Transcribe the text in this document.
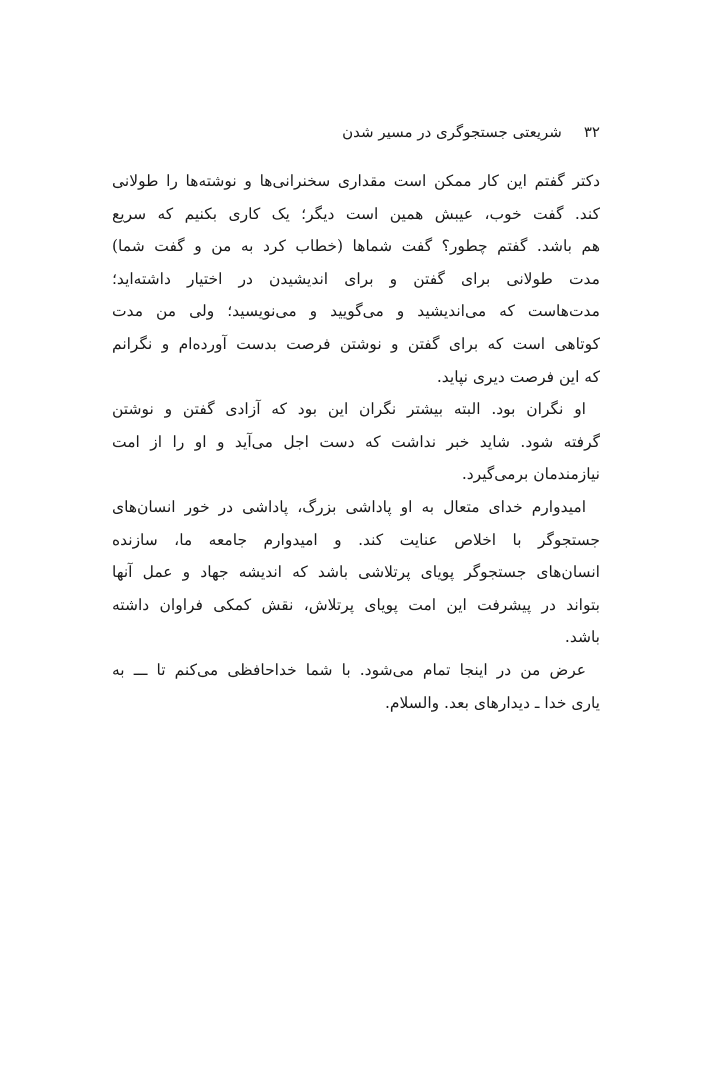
۳۲شریعتی جستجوگری در مسیر شدن

دکتر گفتم این کار ممکن است مقداری سخنرانی‌ها و نوشته‌ها را طولانی
کند. گفت خوب، عیبش همین است دیگر؛ یک کاری بکنیم که سریع
هم باشد. گفتم چطور؟ گفت شماها (خطاب کرد به من و گفت شما)
مدت طولانی برای گفتن و برای اندیشیدن در اختیار داشته‌اید؛
مدت‌هاست که می‌اندیشید و می‌گویید و می‌نویسید؛ ولی من مدت
کوتاهی است که برای گفتن و نوشتن فرصت بدست آورده‌ام و نگرانم
که این فرصت دیری نپاید.

او نگران بود. البته بیشتر نگران این بود که آزادی گفتن و نوشتن
گرفته شود. شاید خبر نداشت که دست اجل می‌آید و او را از امت
نیازمندمان برمی‌گیرد.

امیدوارم خدای متعال به او پاداشی بزرگ، پاداشی در خور انسان‌های
جستجوگر با اخلاص عنایت کند. و امیدوارم جامعه ما، سازنده
انسان‌های جستجوگر پویای پرتلاشی باشد که اندیشه جهاد و عمل آنها
بتواند در پیشرفت این امت پویای پرتلاش، نقش کمکی فراوان داشته
باشد.

عرض من در اینجا تمام می‌شود. با شما خداحافظی می‌کنم تا ـــ به
یاری خدا ـ دیدارهای بعد. والسلام.
